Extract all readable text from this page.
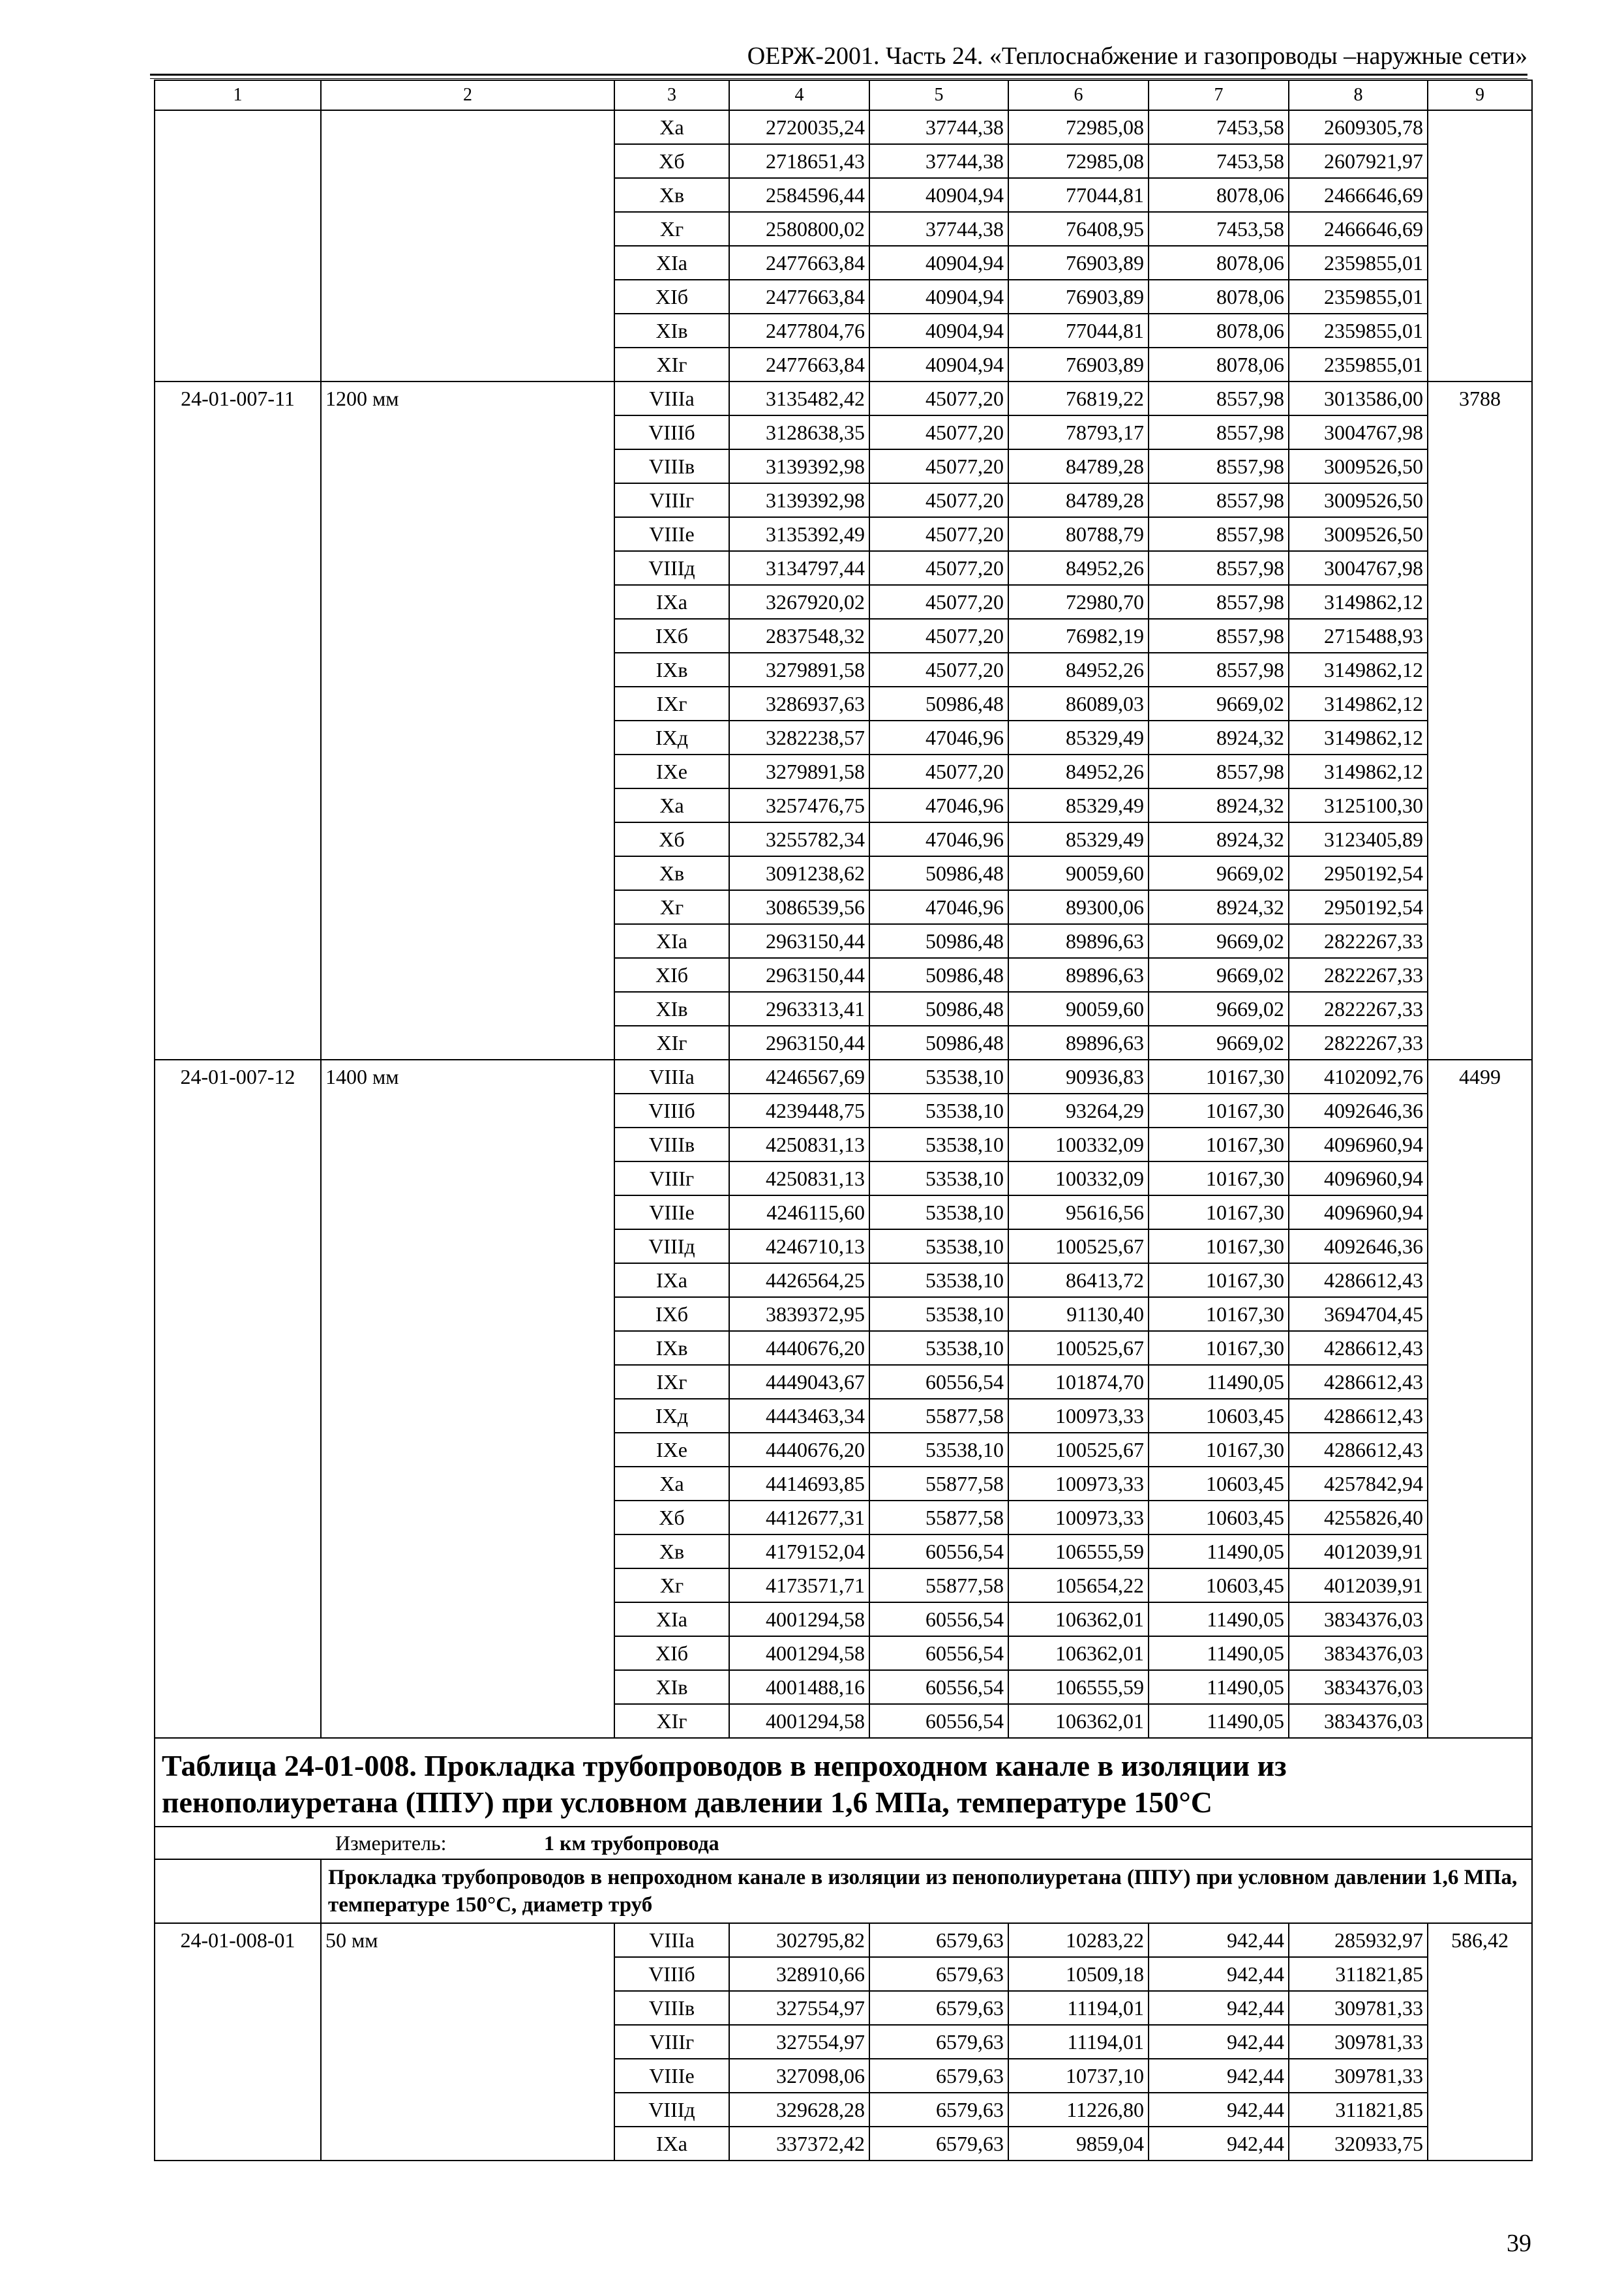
ОЕРЖ-2001. Часть 24. «Теплоснабжение и газопроводы –наружные сети»
1	2	3	4	5	6	7	8	9
		Xa	2720035,24	37744,38	72985,08	7453,58	2609305,78	
		Xб	2718651,43	37744,38	72985,08	7453,58	2607921,97	
		Xв	2584596,44	40904,94	77044,81	8078,06	2466646,69	
		Xг	2580800,02	37744,38	76408,95	7453,58	2466646,69	
		XIa	2477663,84	40904,94	76903,89	8078,06	2359855,01	
		XIб	2477663,84	40904,94	76903,89	8078,06	2359855,01	
		XIв	2477804,76	40904,94	77044,81	8078,06	2359855,01	
		XIг	2477663,84	40904,94	76903,89	8078,06	2359855,01	
24-01-007-11	1200 мм	VIIIa	3135482,42	45077,20	76819,22	8557,98	3013586,00	3788
		VIIIб	3128638,35	45077,20	78793,17	8557,98	3004767,98	
		VIIIв	3139392,98	45077,20	84789,28	8557,98	3009526,50	
		VIIIг	3139392,98	45077,20	84789,28	8557,98	3009526,50	
		VIIIе	3135392,49	45077,20	80788,79	8557,98	3009526,50	
		VIIIд	3134797,44	45077,20	84952,26	8557,98	3004767,98	
		IXa	3267920,02	45077,20	72980,70	8557,98	3149862,12	
		IXб	2837548,32	45077,20	76982,19	8557,98	2715488,93	
		IXв	3279891,58	45077,20	84952,26	8557,98	3149862,12	
		IXг	3286937,63	50986,48	86089,03	9669,02	3149862,12	
		IXд	3282238,57	47046,96	85329,49	8924,32	3149862,12	
		IXе	3279891,58	45077,20	84952,26	8557,98	3149862,12	
		Xa	3257476,75	47046,96	85329,49	8924,32	3125100,30	
		Xб	3255782,34	47046,96	85329,49	8924,32	3123405,89	
		Xв	3091238,62	50986,48	90059,60	9669,02	2950192,54	
		Xг	3086539,56	47046,96	89300,06	8924,32	2950192,54	
		XIa	2963150,44	50986,48	89896,63	9669,02	2822267,33	
		XIб	2963150,44	50986,48	89896,63	9669,02	2822267,33	
		XIв	2963313,41	50986,48	90059,60	9669,02	2822267,33	
		XIг	2963150,44	50986,48	89896,63	9669,02	2822267,33	
24-01-007-12	1400 мм	VIIIa	4246567,69	53538,10	90936,83	10167,30	4102092,76	4499
		VIIIб	4239448,75	53538,10	93264,29	10167,30	4092646,36	
		VIIIв	4250831,13	53538,10	100332,09	10167,30	4096960,94	
		VIIIг	4250831,13	53538,10	100332,09	10167,30	4096960,94	
		VIIIе	4246115,60	53538,10	95616,56	10167,30	4096960,94	
		VIIIд	4246710,13	53538,10	100525,67	10167,30	4092646,36	
		IXa	4426564,25	53538,10	86413,72	10167,30	4286612,43	
		IXб	3839372,95	53538,10	91130,40	10167,30	3694704,45	
		IXв	4440676,20	53538,10	100525,67	10167,30	4286612,43	
		IXг	4449043,67	60556,54	101874,70	11490,05	4286612,43	
		IXд	4443463,34	55877,58	100973,33	10603,45	4286612,43	
		IXе	4440676,20	53538,10	100525,67	10167,30	4286612,43	
		Xa	4414693,85	55877,58	100973,33	10603,45	4257842,94	
		Xб	4412677,31	55877,58	100973,33	10603,45	4255826,40	
		Xв	4179152,04	60556,54	106555,59	11490,05	4012039,91	
		Xг	4173571,71	55877,58	105654,22	10603,45	4012039,91	
		XIa	4001294,58	60556,54	106362,01	11490,05	3834376,03	
		XIб	4001294,58	60556,54	106362,01	11490,05	3834376,03	
		XIв	4001488,16	60556,54	106555,59	11490,05	3834376,03	
		XIг	4001294,58	60556,54	106362,01	11490,05	3834376,03	
Таблица 24-01-008. Прокладка трубопроводов в непроходном канале в изоляции из пенополиуретана (ППУ) при условном давлении 1,6 МПа, температуре 150°С								
Измеритель: 1 км трубопровода								
	Прокладка трубопроводов в непроходном канале в изоляции из пенополиуретана (ППУ) при условном давлении 1,6 МПа, температуре 150°С, диаметр труб							
24-01-008-01	50 мм	VIIIa	302795,82	6579,63	10283,22	942,44	285932,97	586,42
		VIIIб	328910,66	6579,63	10509,18	942,44	311821,85	
		VIIIв	327554,97	6579,63	11194,01	942,44	309781,33	
		VIIIг	327554,97	6579,63	11194,01	942,44	309781,33	
		VIIIе	327098,06	6579,63	10737,10	942,44	309781,33	
		VIIIд	329628,28	6579,63	11226,80	942,44	311821,85	
		IXa	337372,42	6579,63	9859,04	942,44	320933,75	
39
